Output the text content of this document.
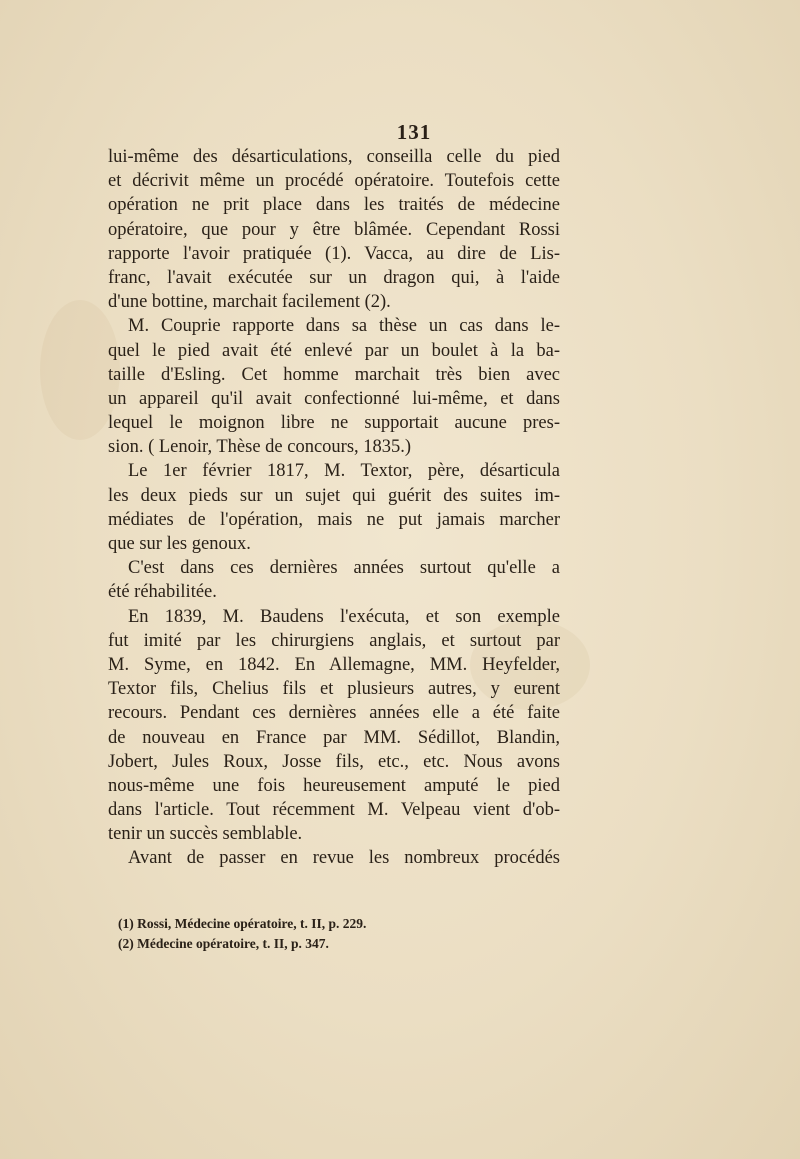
131
lui-même des désarticulations, conseilla celle du pied
et décrivit même un procédé opératoire. Toutefois cette
opération ne prit place dans les traités de médecine
opératoire, que pour y être blâmée. Cependant Rossi
rapporte l'avoir pratiquée (1). Vacca, au dire de Lis-
franc, l'avait exécutée sur un dragon qui, à l'aide
d'une bottine, marchait facilement (2).
M. Couprie rapporte dans sa thèse un cas dans le-
quel le pied avait été enlevé par un boulet à la ba-
taille d'Esling. Cet homme marchait très bien avec
un appareil qu'il avait confectionné lui-même, et dans
lequel le moignon libre ne supportait aucune pres-
sion. ( Lenoir, Thèse de concours, 1835.)
Le 1er février 1817, M. Textor, père, désarticula
les deux pieds sur un sujet qui guérit des suites im-
médiates de l'opération, mais ne put jamais marcher
que sur les genoux.
C'est dans ces dernières années surtout qu'elle a
été réhabilitée.
En 1839, M. Baudens l'exécuta, et son exemple
fut imité par les chirurgiens anglais, et surtout par
M. Syme, en 1842. En Allemagne, MM. Heyfelder,
Textor fils, Chelius fils et plusieurs autres, y eurent
recours. Pendant ces dernières années elle a été faite
de nouveau en France par MM. Sédillot, Blandin,
Jobert, Jules Roux, Josse fils, etc., etc. Nous avons
nous-même une fois heureusement amputé le pied
dans l'article. Tout récemment M. Velpeau vient d'ob-
tenir un succès semblable.
Avant de passer en revue les nombreux procédés
(1) Rossi, Médecine opératoire, t. II, p. 229.
(2) Médecine opératoire, t. II, p. 347.
